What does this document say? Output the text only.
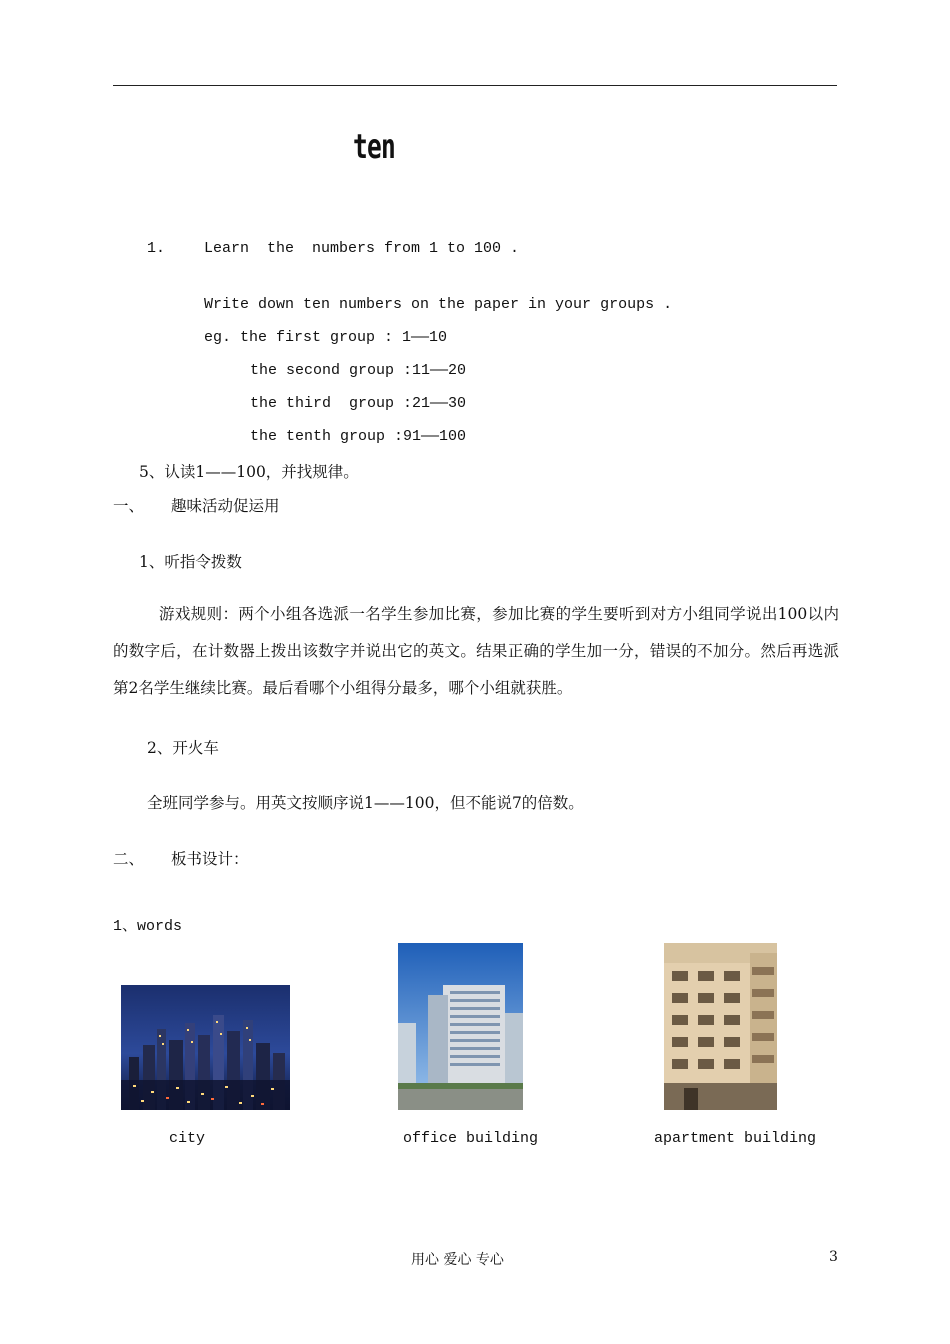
ten
1.	Learn  the  numbers from 1 to 100 .
Write down ten numbers on the paper in your groups .
eg. the first group : 1——10
the second group :11——20
the third  group :21——30
the tenth group :91——100
5、认读1——100，并找规律。
一、 趣味活动促运用
1、听指令拨数
游戏规则：两个小组各选派一名学生参加比赛，参加比赛的学生要听到对方小组同学说出100以内的数字后，在计数器上拨出该数字并说出它的英文。结果正确的学生加一分，错误的不加分。然后再选派第2名学生继续比赛。最后看哪个小组得分最多，哪个小组就获胜。
2、开火车
全班同学参与。用英文按顺序说1——100，但不能说7的倍数。
二、 板书设计：
1、words
city	office building	apartment building
用心 爱心 专心	3
